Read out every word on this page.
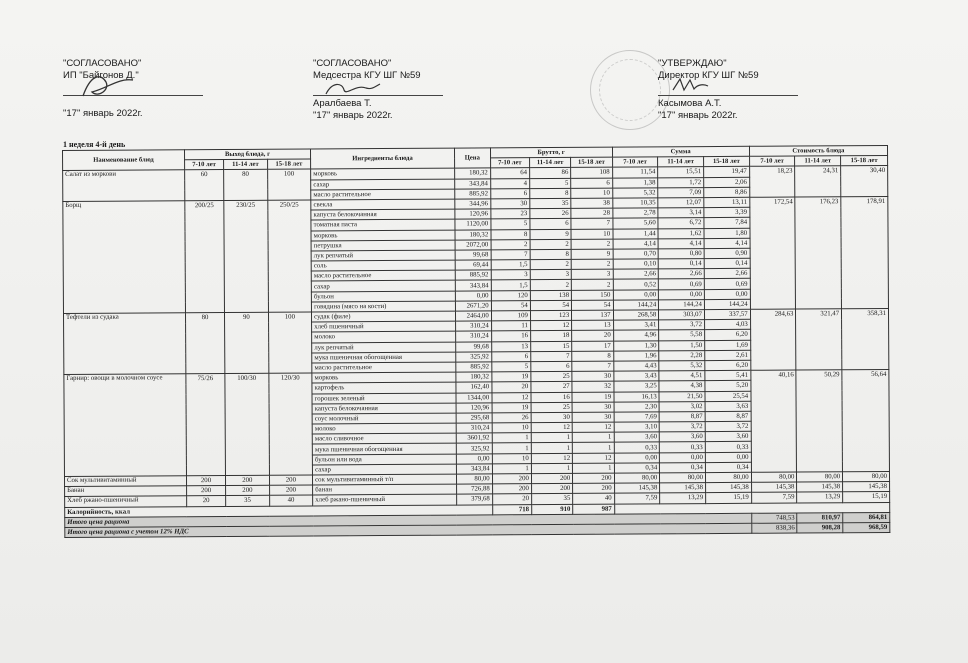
"СОГЛАСОВАНО"
ИП "Байгонов Д."
"17" январь 2022г.
"СОГЛАСОВАНО"
Медсестра КГУ ШГ №59
Аралбаева Т.
"17" январь 2022г.
"УТВЕРЖДАЮ"
Директор КГУ ШГ №59
Касымова А.Т.
"17" январь 2022г.
1 неделя 4-й день
Наименование блюд	Выход блюда, г			Ингредиенты блюда	Цена	Брутто, г			Сумма			Стоимость блюда		
	7-10 лет	11-14 лет	15-18 лет			7-10 лет	11-14 лет	15-18 лет	7-10 лет	11-14 лет	15-18 лет	7-10 лет	11-14 лет	15-18 лет
Салат из моркови	60	80	100	морковь	180,32	64	86	108	11,54	15,51	19,47	18,23	24,31	30,40
				сахар	343,84	4	5	6	1,38	1,72	2,06			
				масло растительное	885,92	6	8	10	5,32	7,09	8,86			
Борщ	200/25	230/25	250/25	свекла	344,96	30	35	38	10,35	12,07	13,11	172,54	176,23	178,91
				капуста белокочанная	120,96	23	26	28	2,78	3,14	3,39			
				томатная паста	1120,00	5	6	7	5,60	6,72	7,84			
				морковь	180,32	8	9	10	1,44	1,62	1,80			
				петрушка	2072,00	2	2	2	4,14	4,14	4,14			
				лук репчатый	99,68	7	8	9	0,70	0,80	0,90			
				соль	69,44	1,5	2	2	0,10	0,14	0,14			
				масло растительное	885,92	3	3	3	2,66	2,66	2,66			
				сахар	343,84	1,5	2	2	0,52	0,69	0,69			
				бульон	0,00	120	138	150	0,00	0,00	0,00			
				говядина (мясо на кости)	2671,20	54	54	54	144,24	144,24	144,24			
Тефтели из судака	80	90	100	судак (филе)	2464,00	109	123	137	268,58	303,07	337,57	284,63	321,47	358,31
				хлеб пшеничный	310,24	11	12	13	3,41	3,72	4,03			
				молоко	310,24	16	18	20	4,96	5,58	6,20			
				лук репчатый	99,68	13	15	17	1,30	1,50	1,69			
				мука пшеничная обогощенная	325,92	6	7	8	1,96	2,28	2,61			
				масло растительное	885,92	5	6	7	4,43	5,32	6,20			
Гарнир: овощи в молочном соусе	75/26	100/30	120/30	морковь	180,32	19	25	30	3,43	4,51	5,41	40,16	50,29	56,64
				картофель	162,40	20	27	32	3,25	4,38	5,20			
				горошек зеленый	1344,00	12	16	19	16,13	21,50	25,54			
				капуста белокочанная	120,96	19	25	30	2,30	3,02	3,63			
				соус молочный	295,68	26	30	30	7,69	8,87	8,87			
				молоко	310,24	10	12	12	3,10	3,72	3,72			
				масло сливочное	3601,92	1	1	1	3,60	3,60	3,60			
				мука пшеничная обогощенная	325,92	1	1	1	0,33	0,33	0,33			
				бульон или вода	0,00	10	12	12	0,00	0,00	0,00			
				сахар	343,84	1	1	1	0,34	0,34	0,34			
Сок мультивитаминный	200	200	200	сок мультивитаминный т/п	80,00	200	200	200	80,00	80,00	80,00	80,00	80,00	80,00
Банан	200	200	200	банан	726,88	200	200	200	145,38	145,38	145,38	145,38	145,38	145,38
Хлеб ржано-пшеничный	20	35	40	хлеб ржано-пшеничный	379,68	20	35	40	7,59	13,29	15,19	7,59	13,29	15,19
Калорийность, ккал						718	910	987						
Итого цена рациона												748,53	810,97	864,81
Итого цена рациона с учетом 12% НДС												838,36	908,28	968,59
